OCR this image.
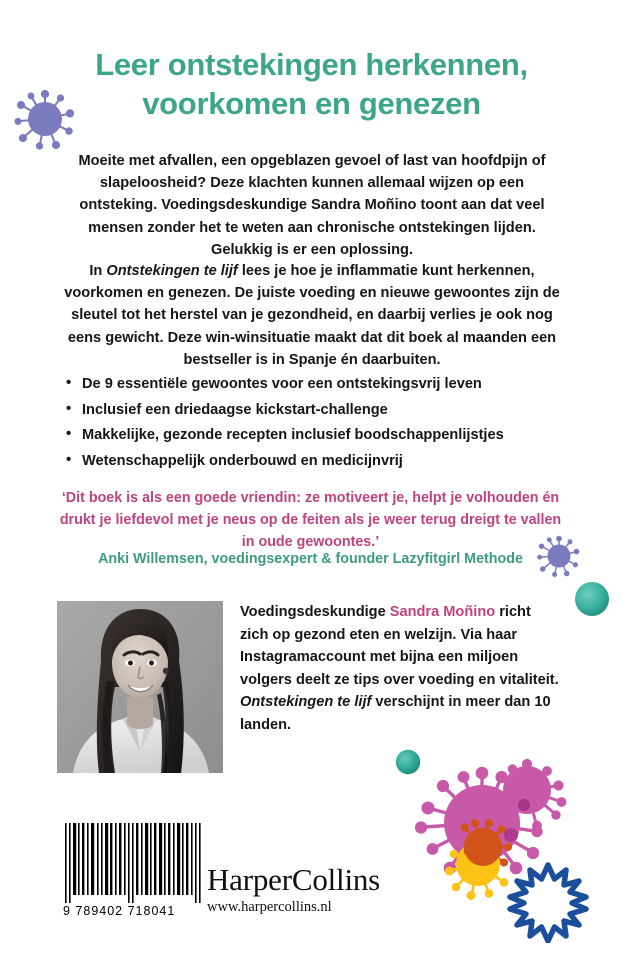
Leer ontstekingen herkennen,
voorkomen en genezen
Moeite met afvallen, een opgeblazen gevoel of last van hoofdpijn of slapeloosheid? Deze klachten kunnen allemaal wijzen op een ontsteking. Voedingsdeskundige Sandra Moñino toont aan dat veel mensen zonder het te weten aan chronische ontstekingen lijden. Gelukkig is er een oplossing.
In Ontstekingen te lijf lees je hoe je inflammatie kunt herkennen, voorkomen en genezen. De juiste voeding en nieuwe gewoontes zijn de sleutel tot het herstel van je gezondheid, en daarbij verlies je ook nog eens gewicht. Deze win-winsituatie maakt dat dit boek al maanden een bestseller is in Spanje én daarbuiten.
• De 9 essentiële gewoontes voor een ontstekingsvrij leven
• Inclusief een driedaagse kickstart-challenge
• Makkelijke, gezonde recepten inclusief boodschappenlijstjes
• Wetenschappelijk onderbouwd en medicijnvrij
‘Dit boek is als een goede vriendin: ze motiveert je, helpt je volhouden én drukt je liefdevol met je neus op de feiten als je weer terug dreigt te vallen in oude gewoontes.’
Anki Willemsen, voedingsexpert & founder Lazyfitgirl Methode
Voedingsdeskundige Sandra Moñino richt zich op gezond eten en welzijn. Via haar Instagramaccount met bijna een miljoen volgers deelt ze tips over voeding en vitaliteit. Ontstekingen te lijf verschijnt in meer dan 10 landen.
9 789402 718041
HarperCollins
www.harpercollins.nl
